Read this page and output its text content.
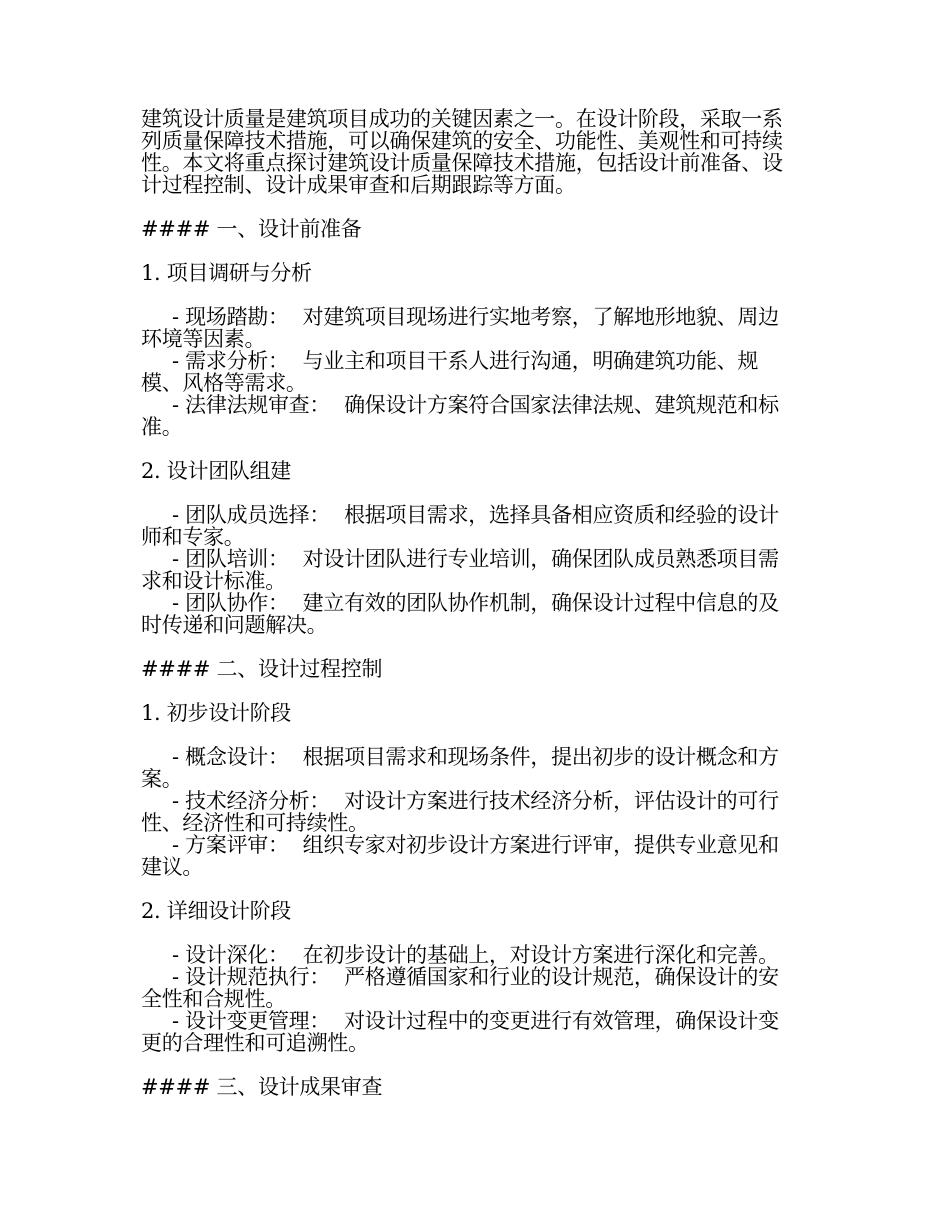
建筑设计质量是建筑项目成功的关键因素之一。在设计阶段，采取一系列质量保障技术措施，可以确保建筑的安全、功能性、美观性和可持续性。本文将重点探讨建筑设计质量保障技术措施，包括设计前准备、设计过程控制、设计成果审查和后期跟踪等方面。

#### 一、设计前准备

1. 项目调研与分析

- 现场踏勘： 对建筑项目现场进行实地考察，了解地形地貌、周边环境等因素。

- 需求分析： 与业主和项目干系人进行沟通，明确建筑功能、规模、风格等需求。

- 法律法规审查： 确保设计方案符合国家法律法规、建筑规范和标准。

2. 设计团队组建

- 团队成员选择： 根据项目需求，选择具备相应资质和经验的设计师和专家。

- 团队培训： 对设计团队进行专业培训，确保团队成员熟悉项目需求和设计标准。

- 团队协作： 建立有效的团队协作机制，确保设计过程中信息的及时传递和问题解决。

#### 二、设计过程控制

1. 初步设计阶段

- 概念设计： 根据项目需求和现场条件，提出初步的设计概念和方案。

- 技术经济分析： 对设计方案进行技术经济分析，评估设计的可行性、经济性和可持续性。

- 方案评审： 组织专家对初步设计方案进行评审，提供专业意见和建议。

2. 详细设计阶段

- 设计深化： 在初步设计的基础上，对设计方案进行深化和完善。

- 设计规范执行： 严格遵循国家和行业的设计规范，确保设计的安全性和合规性。

- 设计变更管理： 对设计过程中的变更进行有效管理，确保设计变更的合理性和可追溯性。

#### 三、设计成果审查
